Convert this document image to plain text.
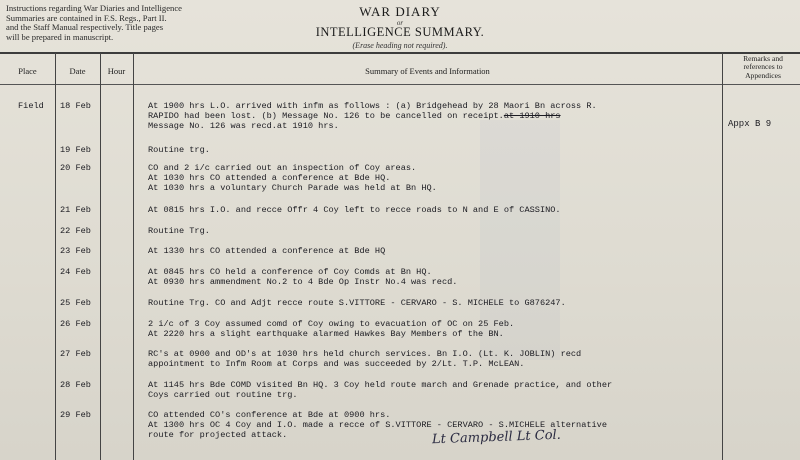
Instructions regarding War Diaries and Intelligence
Summaries are contained in F.S. Regs., Part II.
and the Staff Manual respectively. Title pages
will be prepared in manuscript.
WAR DIARY
or
INTELLIGENCE SUMMARY.
(Erase heading not required).
Place	Date	Hour	Summary of Events and Information
Remarks and
references to
Appendices
Field 18 Feb	At 1900 hrs L.O. arrived with infm as follows : (a) Bridgehead by 28 Maori Bn across R.
RAPIDO had been lost. (b) Message No. 126 to be cancelled on receipt.at 1910 hrs
Message No. 126 was recd.at 1910 hrs.	Appx B 9
19 Feb	Routine trg.
20 Feb	CO and 2 i/c carried out an inspection of Coy areas.
At 1030 hrs CO attended a conference at Bde HQ.
At 1030 hrs a voluntary Church Parade was held at Bn HQ.
21 Feb	At 0815 hrs I.O. and recce Offr 4 Coy left to recce roads to N and E of CASSINO.
22 Feb	Routine Trg.
23 Feb	At 1330 hrs CO attended a conference at Bde HQ
24 Feb	At 0845 hrs CO held a conference of Coy Comds at Bn HQ.
At 0930 hrs ammendment No.2 to 4 Bde Op Instr No.4 was recd.
25 Feb	Routine Trg. CO and Adjt recce route S.VITTORE - CERVARO - S. MICHELE to G876247.
26 Feb	2 i/c of 3 Coy assumed comd of Coy owing to evacuation of OC on 25 Feb.
At 2220 hrs a slight earthquake alarmed Hawkes Bay Members of the BN.
27 Feb	RC's at 0900 and OD's at 1030 hrs held church services. Bn I.O. (Lt. K. JOBLIN) recd
appointment to Infm Room at Corps and was succeeded by 2/Lt. T.P. McLEAN.
28 Feb	At 1145 hrs Bde COMD visited Bn HQ. 3 Coy held route march and Grenade practice, and other
Coys carried out routine trg.
29 Feb	CO attended CO's conference at Bde at 0900 hrs.
At 1300 hrs OC 4 Coy and I.O. made a recce of S.VITTORE - CERVARO - S.MICHELE alternative
route for projected attack.	Lt Campbell Lt Col.
